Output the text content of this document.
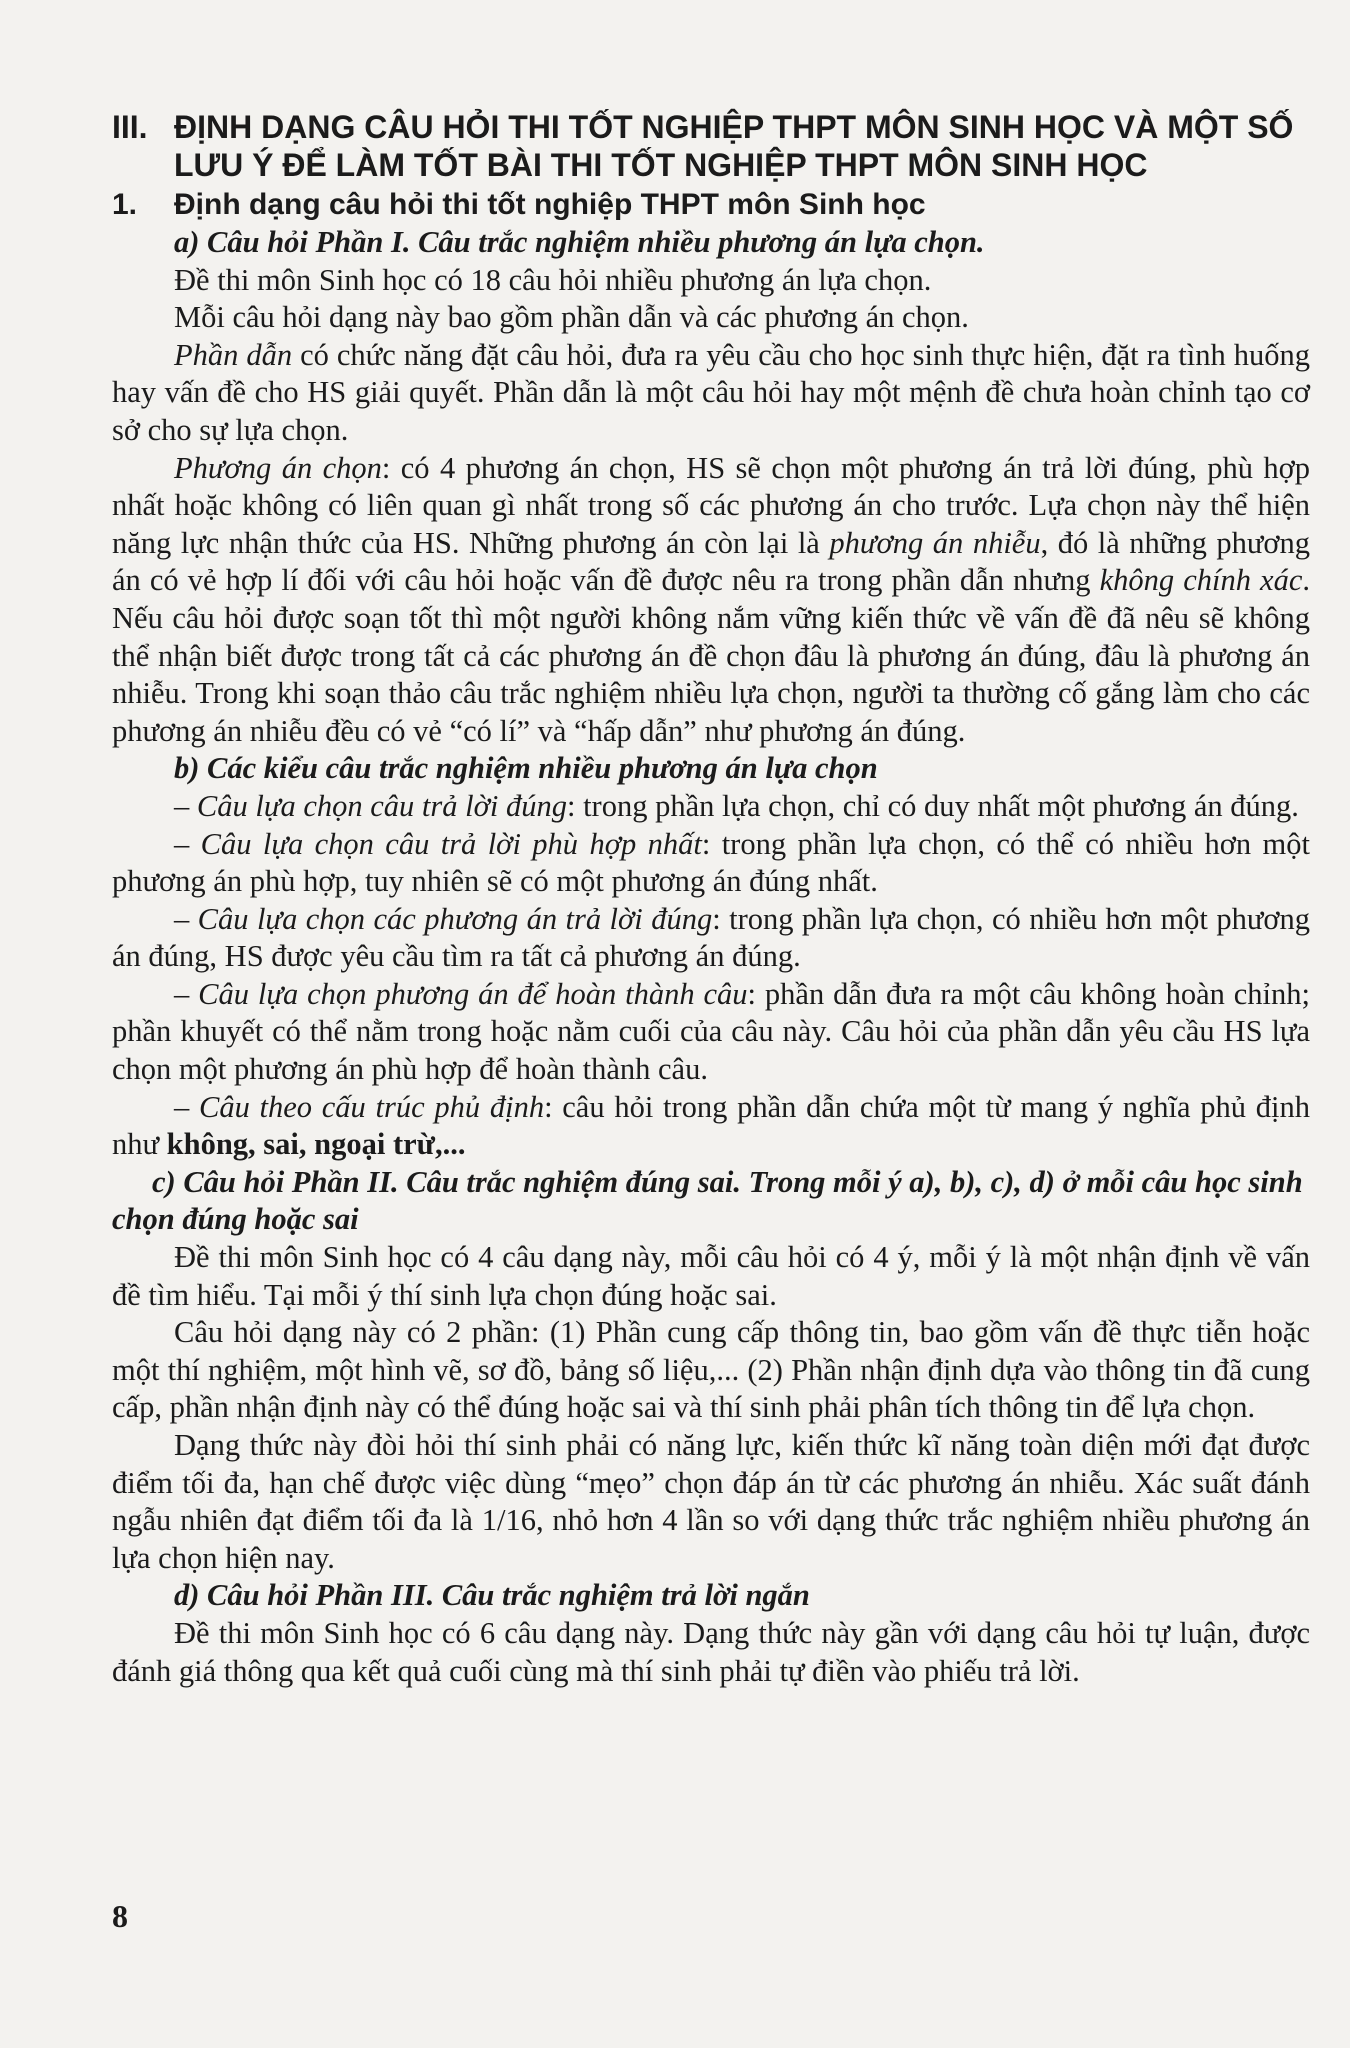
III. ĐỊNH DẠNG CÂU HỎI THI TỐT NGHIỆP THPT MÔN SINH HỌC VÀ MỘT SỐ LƯU Ý ĐỂ LÀM TỐT BÀI THI TỐT NGHIỆP THPT MÔN SINH HỌC
1.	Định dạng câu hỏi thi tốt nghiệp THPT môn Sinh học

a) Câu hỏi Phần I. Câu trắc nghiệm nhiều phương án lựa chọn.

Đề thi môn Sinh học có 18 câu hỏi nhiều phương án lựa chọn.

Mỗi câu hỏi dạng này bao gồm phần dẫn và các phương án chọn.

Phần dẫn có chức năng đặt câu hỏi, đưa ra yêu cầu cho học sinh thực hiện, đặt ra tình huống hay vấn đề cho HS giải quyết. Phần dẫn là một câu hỏi hay một mệnh đề chưa hoàn chỉnh tạo cơ sở cho sự lựa chọn.

Phương án chọn: có 4 phương án chọn, HS sẽ chọn một phương án trả lời đúng, phù hợp nhất hoặc không có liên quan gì nhất trong số các phương án cho trước. Lựa chọn này thể hiện năng lực nhận thức của HS. Những phương án còn lại là phương án nhiễu, đó là những phương án có vẻ hợp lí đối với câu hỏi hoặc vấn đề được nêu ra trong phần dẫn nhưng không chính xác. Nếu câu hỏi được soạn tốt thì một người không nắm vững kiến thức về vấn đề đã nêu sẽ không thể nhận biết được trong tất cả các phương án đề chọn đâu là phương án đúng, đâu là phương án nhiễu. Trong khi soạn thảo câu trắc nghiệm nhiều lựa chọn, người ta thường cố gắng làm cho các phương án nhiễu đều có vẻ “có lí” và “hấp dẫn” như phương án đúng.

b) Các kiểu câu trắc nghiệm nhiều phương án lựa chọn

– Câu lựa chọn câu trả lời đúng: trong phần lựa chọn, chỉ có duy nhất một phương án đúng.

– Câu lựa chọn câu trả lời phù hợp nhất: trong phần lựa chọn, có thể có nhiều hơn một phương án phù hợp, tuy nhiên sẽ có một phương án đúng nhất.

– Câu lựa chọn các phương án trả lời đúng: trong phần lựa chọn, có nhiều hơn một phương án đúng, HS được yêu cầu tìm ra tất cả phương án đúng.

– Câu lựa chọn phương án để hoàn thành câu: phần dẫn đưa ra một câu không hoàn chỉnh; phần khuyết có thể nằm trong hoặc nằm cuối của câu này. Câu hỏi của phần dẫn yêu cầu HS lựa chọn một phương án phù hợp để hoàn thành câu.

– Câu theo cấu trúc phủ định: câu hỏi trong phần dẫn chứa một từ mang ý nghĩa phủ định như không, sai, ngoại trừ,...

c) Câu hỏi Phần II. Câu trắc nghiệm đúng sai. Trong mỗi ý a), b), c), d) ở mỗi câu học sinh chọn đúng hoặc sai

Đề thi môn Sinh học có 4 câu dạng này, mỗi câu hỏi có 4 ý, mỗi ý là một nhận định về vấn đề tìm hiểu. Tại mỗi ý thí sinh lựa chọn đúng hoặc sai.

Câu hỏi dạng này có 2 phần: (1) Phần cung cấp thông tin, bao gồm vấn đề thực tiễn hoặc một thí nghiệm, một hình vẽ, sơ đồ, bảng số liệu,... (2) Phần nhận định dựa vào thông tin đã cung cấp, phần nhận định này có thể đúng hoặc sai và thí sinh phải phân tích thông tin để lựa chọn.

Dạng thức này đòi hỏi thí sinh phải có năng lực, kiến thức kĩ năng toàn diện mới đạt được điểm tối đa, hạn chế được việc dùng “mẹo” chọn đáp án từ các phương án nhiễu. Xác suất đánh ngẫu nhiên đạt điểm tối đa là 1/16, nhỏ hơn 4 lần so với dạng thức trắc nghiệm nhiều phương án lựa chọn hiện nay.

d) Câu hỏi Phần III. Câu trắc nghiệm trả lời ngắn

Đề thi môn Sinh học có 6 câu dạng này. Dạng thức này gần với dạng câu hỏi tự luận, được đánh giá thông qua kết quả cuối cùng mà thí sinh phải tự điền vào phiếu trả lời.

8
